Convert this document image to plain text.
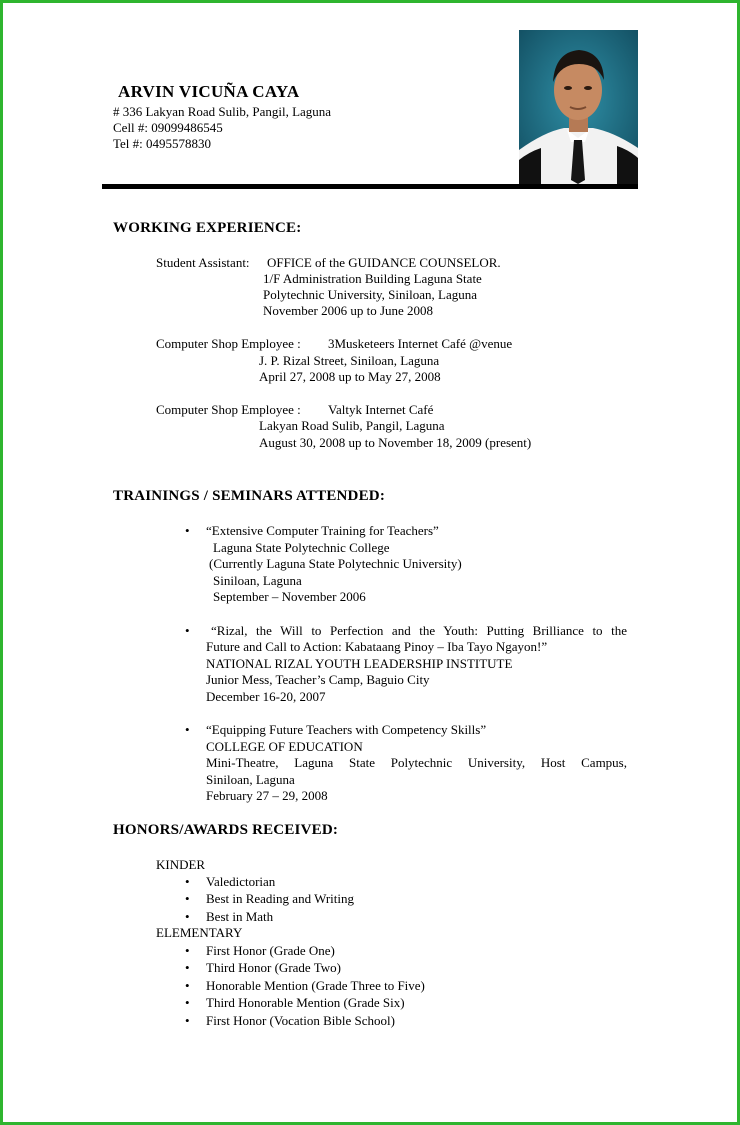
ARVIN VICUÑA CAYA
# 336 Lakyan Road Sulib, Pangil, Laguna
Cell #: 09099486545
Tel #: 0495578830
WORKING EXPERIENCE:
Student Assistant: OFFICE of the GUIDANCE COUNSELOR.
1/F Administration Building Laguna State
Polytechnic University, Siniloan, Laguna
November 2006 up to June 2008
Computer Shop Employee : 3Musketeers Internet Café @venue
J. P. Rizal Street, Siniloan, Laguna
April 27, 2008 up to May 27, 2008
Computer Shop Employee : Valtyk Internet Café
Lakyan Road Sulib, Pangil, Laguna
August 30, 2008 up to November 18, 2009 (present)
TRAININGS / SEMINARS ATTENDED:
• “Extensive Computer Training for Teachers”
Laguna State Polytechnic College
(Currently Laguna State Polytechnic University)
Siniloan, Laguna
September – November 2006
•	“Rizal, the Will to Perfection and the Youth: Putting Brilliance to the
Future and Call to Action: Kabataang Pinoy – Iba Tayo Ngayon!”
NATIONAL RIZAL YOUTH LEADERSHIP INSTITUTE
Junior Mess, Teacher’s Camp, Baguio City
December 16-20, 2007
• “Equipping Future Teachers with Competency Skills”
COLLEGE OF EDUCATION
Mini-Theatre, Laguna State Polytechnic University, Host Campus,
Siniloan, Laguna
February 27 – 29, 2008
HONORS/AWARDS RECEIVED:
KINDER
• Valedictorian
• Best in Reading and Writing
• Best in Math
ELEMENTARY
• First Honor (Grade One)
• Third Honor (Grade Two)
• Honorable Mention (Grade Three to Five)
• Third Honorable Mention (Grade Six)
• First Honor (Vocation Bible School)
